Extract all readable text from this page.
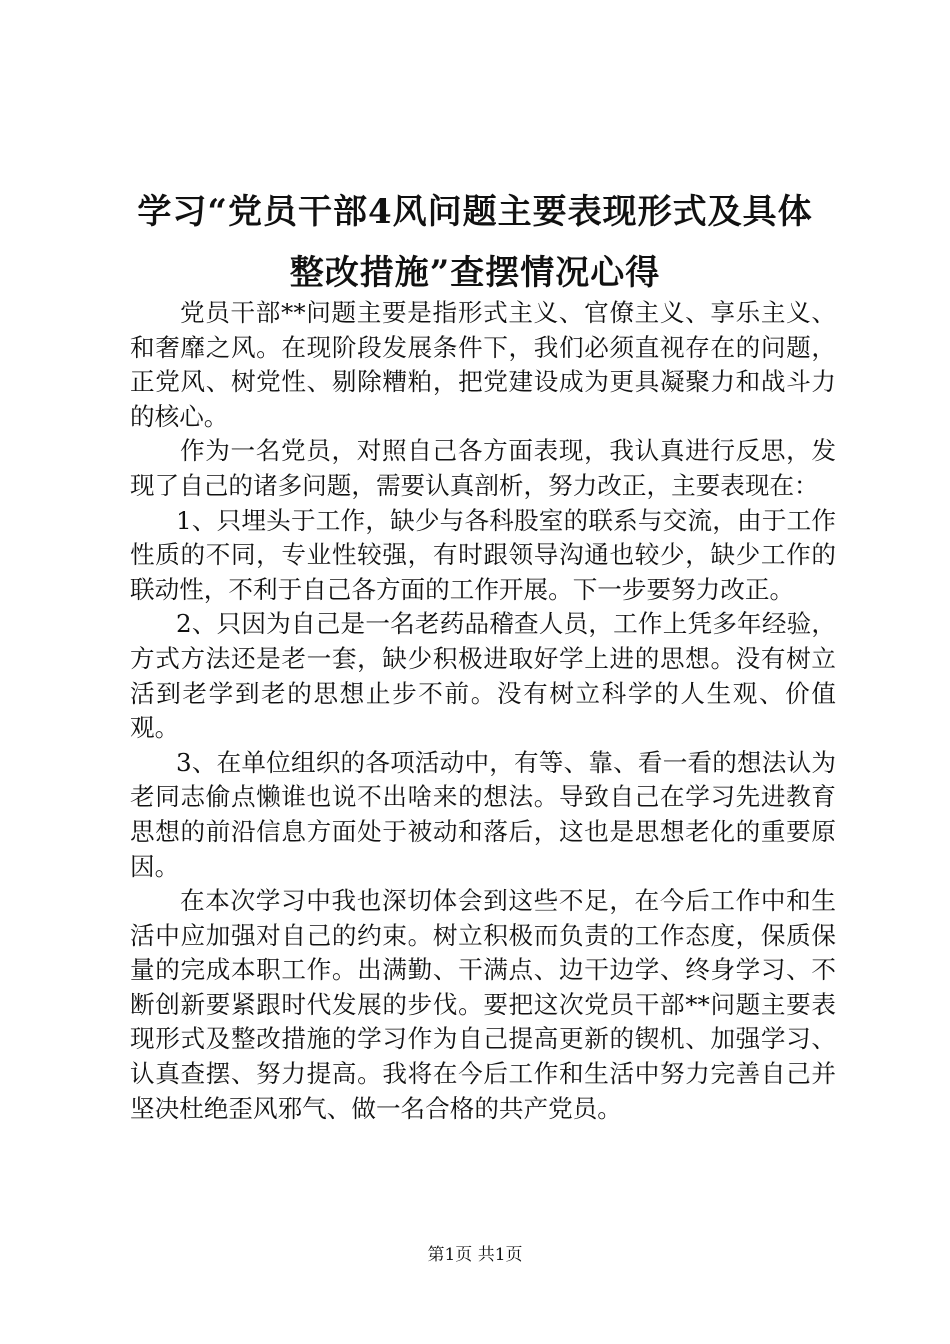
学习“党员干部4风问题主要表现形式及具体
整改措施”查摆情况心得

党员干部**问题主要是指形式主义、官僚主义、享乐主义、和奢靡之风。在现阶段发展条件下，我们必须直视存在的问题，正党风、树党性、剔除糟粕，把党建设成为更具凝聚力和战斗力的核心。

作为一名党员，对照自己各方面表现，我认真进行反思，发现了自己的诸多问题，需要认真剖析，努力改正，主要表现在：

1、只埋头于工作，缺少与各科股室的联系与交流，由于工作性质的不同，专业性较强，有时跟领导沟通也较少，缺少工作的联动性，不利于自己各方面的工作开展。下一步要努力改正。

2、只因为自己是一名老药品稽查人员，工作上凭多年经验，方式方法还是老一套，缺少积极进取好学上进的思想。没有树立活到老学到老的思想止步不前。没有树立科学的人生观、价值观。

3、在单位组织的各项活动中，有等、靠、看一看的想法认为老同志偷点懒谁也说不出啥来的想法。导致自己在学习先进教育思想的前沿信息方面处于被动和落后，这也是思想老化的重要原因。

在本次学习中我也深切体会到这些不足，在今后工作中和生活中应加强对自己的约束。树立积极而负责的工作态度，保质保量的完成本职工作。出满勤、干满点、边干边学、终身学习、不断创新要紧跟时代发展的步伐。要把这次党员干部**问题主要表现形式及整改措施的学习作为自己提高更新的锲机、加强学习、认真查摆、努力提高。我将在今后工作和生活中努力完善自己并坚决杜绝歪风邪气、做一名合格的共产党员。

第1页 共1页
